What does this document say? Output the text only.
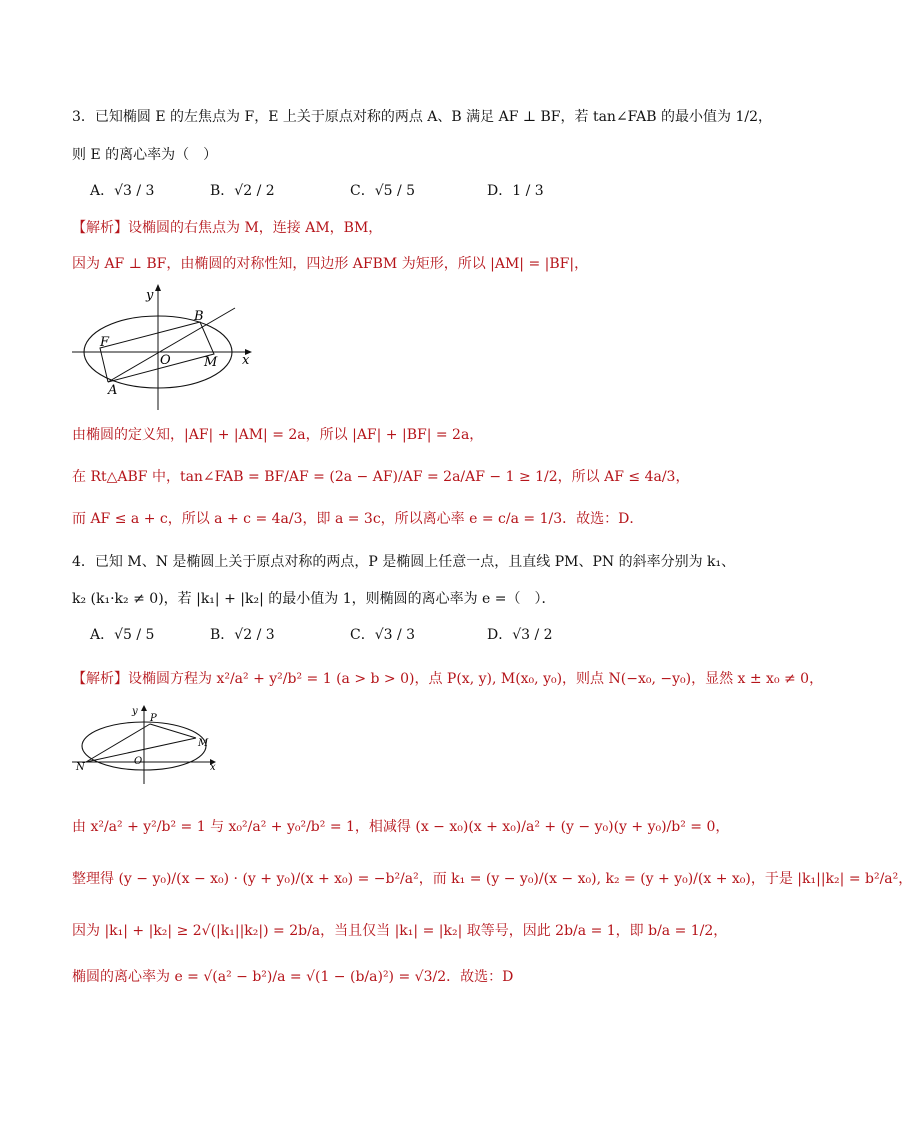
3．已知椭圆 E 的左焦点为 F，E 上关于原点对称的两点 A、B 满足 AF ⊥ BF，若 tan∠FAB 的最小值为 1/2，
则 E 的离心率为（　）
A．√3 / 3	B．√2 / 2	C．√5 / 5	D．1 / 3
【解析】设椭圆的右焦点为 M，连接 AM，BM，
因为 AF ⊥ BF，由椭圆的对称性知，四边形 AFBM 为矩形，所以 |AM| = |BF|，
y
x
B
F
O	M
A
由椭圆的定义知，|AF| + |AM| = 2a，所以 |AF| + |BF| = 2a，
在 Rt△ABF 中，tan∠FAB = BF/AF = (2a − AF)/AF = 2a/AF − 1 ≥ 1/2，所以 AF ≤ 4a/3，
而 AF ≤ a + c，所以 a + c = 4a/3，即 a = 3c，所以离心率 e = c/a = 1/3．故选：D．
4．已知 M、N 是椭圆上关于原点对称的两点，P 是椭圆上任意一点，且直线 PM、PN 的斜率分别为 k₁、
k₂ (k₁·k₂ ≠ 0)，若 |k₁| + |k₂| 的最小值为 1，则椭圆的离心率为 e =（　）．
A．√5 / 5	B．√2 / 3	C．√3 / 3	D．√3 / 2
【解析】设椭圆方程为 x²/a² + y²/b² = 1 (a > b > 0)，点 P(x, y), M(x₀, y₀)，则点 N(−x₀, −y₀)，显然 x ± x₀ ≠ 0，
y
P
M
N
O
x
由 x²/a² + y²/b² = 1 与 x₀²/a² + y₀²/b² = 1，相减得 (x − x₀)(x + x₀)/a² + (y − y₀)(y + y₀)/b² = 0，
整理得 (y − y₀)/(x − x₀) · (y + y₀)/(x + x₀) = −b²/a²，而 k₁ = (y − y₀)/(x − x₀), k₂ = (y + y₀)/(x + x₀)，于是 |k₁||k₂| = b²/a²，
因为 |k₁| + |k₂| ≥ 2√(|k₁||k₂|) = 2b/a，当且仅当 |k₁| = |k₂| 取等号，因此 2b/a = 1，即 b/a = 1/2，
椭圆的离心率为 e = √(a² − b²)/a = √(1 − (b/a)²) = √3/2．故选：D
